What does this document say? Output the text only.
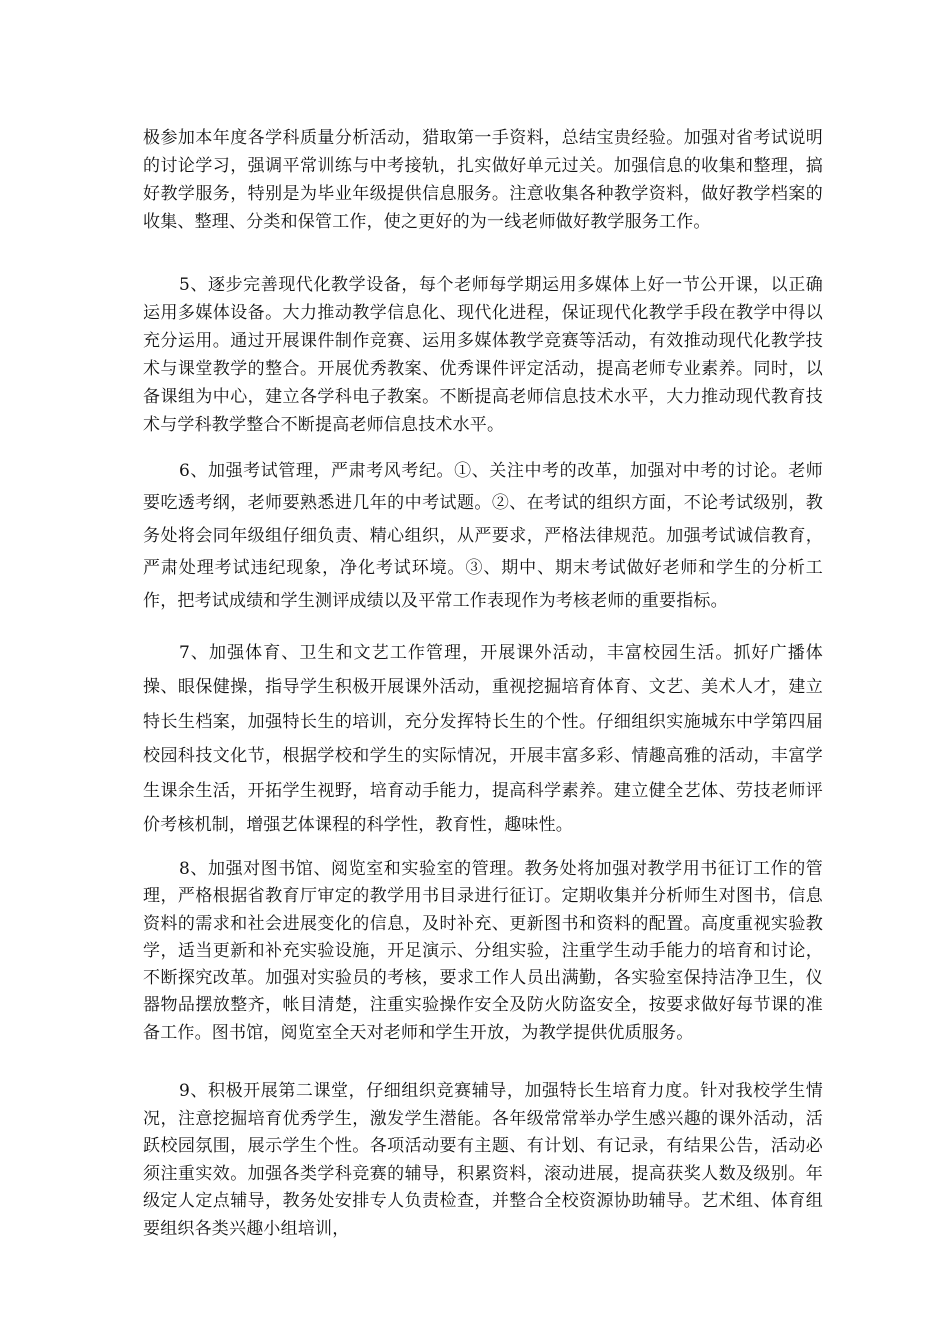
极参加本年度各学科质量分析活动，猎取第一手资料，总结宝贵经验。加强对省考试说明的讨论学习，强调平常训练与中考接轨，扎实做好单元过关。加强信息的收集和整理，搞好教学服务，特别是为毕业年级提供信息服务。注意收集各种教学资料，做好教学档案的收集、整理、分类和保管工作，使之更好的为一线老师做好教学服务工作。

5、逐步完善现代化教学设备，每个老师每学期运用多媒体上好一节公开课，以正确运用多媒体设备。大力推动教学信息化、现代化进程，保证现代化教学手段在教学中得以充分运用。通过开展课件制作竞赛、运用多媒体教学竞赛等活动，有效推动现代化教学技术与课堂教学的整合。开展优秀教案、优秀课件评定活动，提高老师专业素养。同时，以备课组为中心，建立各学科电子教案。不断提高老师信息技术水平，大力推动现代教育技术与学科教学整合不断提高老师信息技术水平。

6、加强考试管理，严肃考风考纪。①、关注中考的改革，加强对中考的讨论。老师要吃透考纲，老师要熟悉进几年的中考试题。②、在考试的组织方面，不论考试级别，教务处将会同年级组仔细负责、精心组织，从严要求，严格法律规范。加强考试诚信教育，严肃处理考试违纪现象，净化考试环境。③、期中、期末考试做好老师和学生的分析工作，把考试成绩和学生测评成绩以及平常工作表现作为考核老师的重要指标。

7、加强体育、卫生和文艺工作管理，开展课外活动，丰富校园生活。抓好广播体操、眼保健操，指导学生积极开展课外活动，重视挖掘培育体育、文艺、美术人才，建立特长生档案，加强特长生的培训，充分发挥特长生的个性。仔细组织实施城东中学第四届校园科技文化节，根据学校和学生的实际情况，开展丰富多彩、情趣高雅的活动，丰富学生课余生活，开拓学生视野，培育动手能力，提高科学素养。建立健全艺体、劳技老师评价考核机制，增强艺体课程的科学性，教育性，趣味性。

8、加强对图书馆、阅览室和实验室的管理。教务处将加强对教学用书征订工作的管理，严格根据省教育厅审定的教学用书目录进行征订。定期收集并分析师生对图书，信息资料的需求和社会进展变化的信息，及时补充、更新图书和资料的配置。高度重视实验教学，适当更新和补充实验设施，开足演示、分组实验，注重学生动手能力的培育和讨论，不断探究改革。加强对实验员的考核，要求工作人员出满勤，各实验室保持洁净卫生，仪器物品摆放整齐，帐目清楚，注重实验操作安全及防火防盗安全，按要求做好每节课的准备工作。图书馆，阅览室全天对老师和学生开放，为教学提供优质服务。

9、积极开展第二课堂，仔细组织竞赛辅导，加强特长生培育力度。针对我校学生情况，注意挖掘培育优秀学生，激发学生潜能。各年级常常举办学生感兴趣的课外活动，活跃校园氛围，展示学生个性。各项活动要有主题、有计划、有记录，有结果公告，活动必须注重实效。加强各类学科竞赛的辅导，积累资料，滚动进展，提高获奖人数及级别。年级定人定点辅导，教务处安排专人负责检查，并整合全校资源协助辅导。艺术组、体育组要组织各类兴趣小组培训，
